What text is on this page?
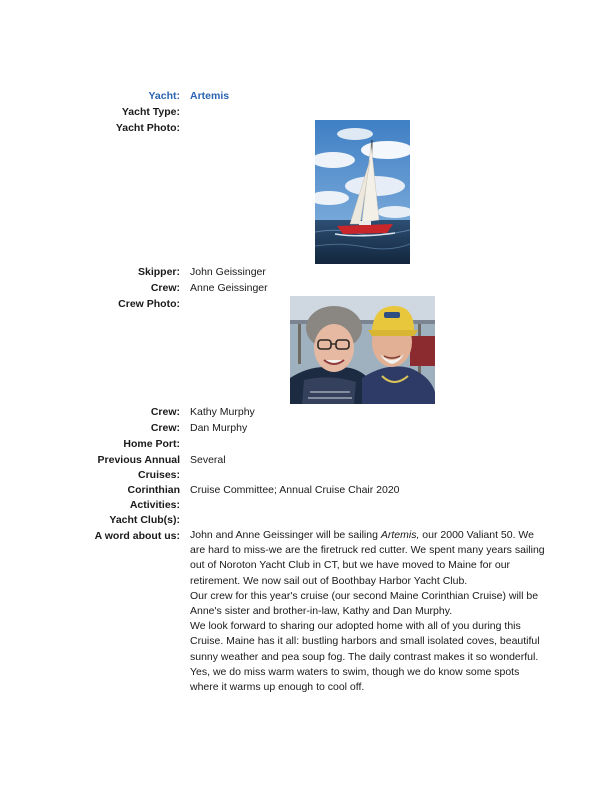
Yacht: Artemis
Yacht Type:
Yacht Photo:
Skipper: John Geissinger
Crew: Anne Geissinger
Crew Photo:
Crew: Kathy Murphy
Crew: Dan Murphy
Home Port:
Previous Annual
Cruises:
Several
Corinthian
Activities:
Cruise Committee; Annual Cruise Chair 2020
Yacht Club(s):
A word about us: John and Anne Geissinger will be sailing Artemis, our 2000 Valiant 50. We are hard to miss-we are the firetruck red cutter. We spent many years sailing out of Noroton Yacht Club in CT, but we have moved to Maine for our retirement. We now sail out of Boothbay Harbor Yacht Club.

Our crew for this year's cruise (our second Maine Corinthian Cruise) will be Anne's sister and brother-in-law, Kathy and Dan Murphy.

We look forward to sharing our adopted home with all of you during this Cruise. Maine has it all: bustling harbors and small isolated coves, beautiful sunny weather and pea soup fog. The daily contrast makes it so wonderful. Yes, we do miss warm waters to swim, though we do know some spots where it warms up enough to cool off.
